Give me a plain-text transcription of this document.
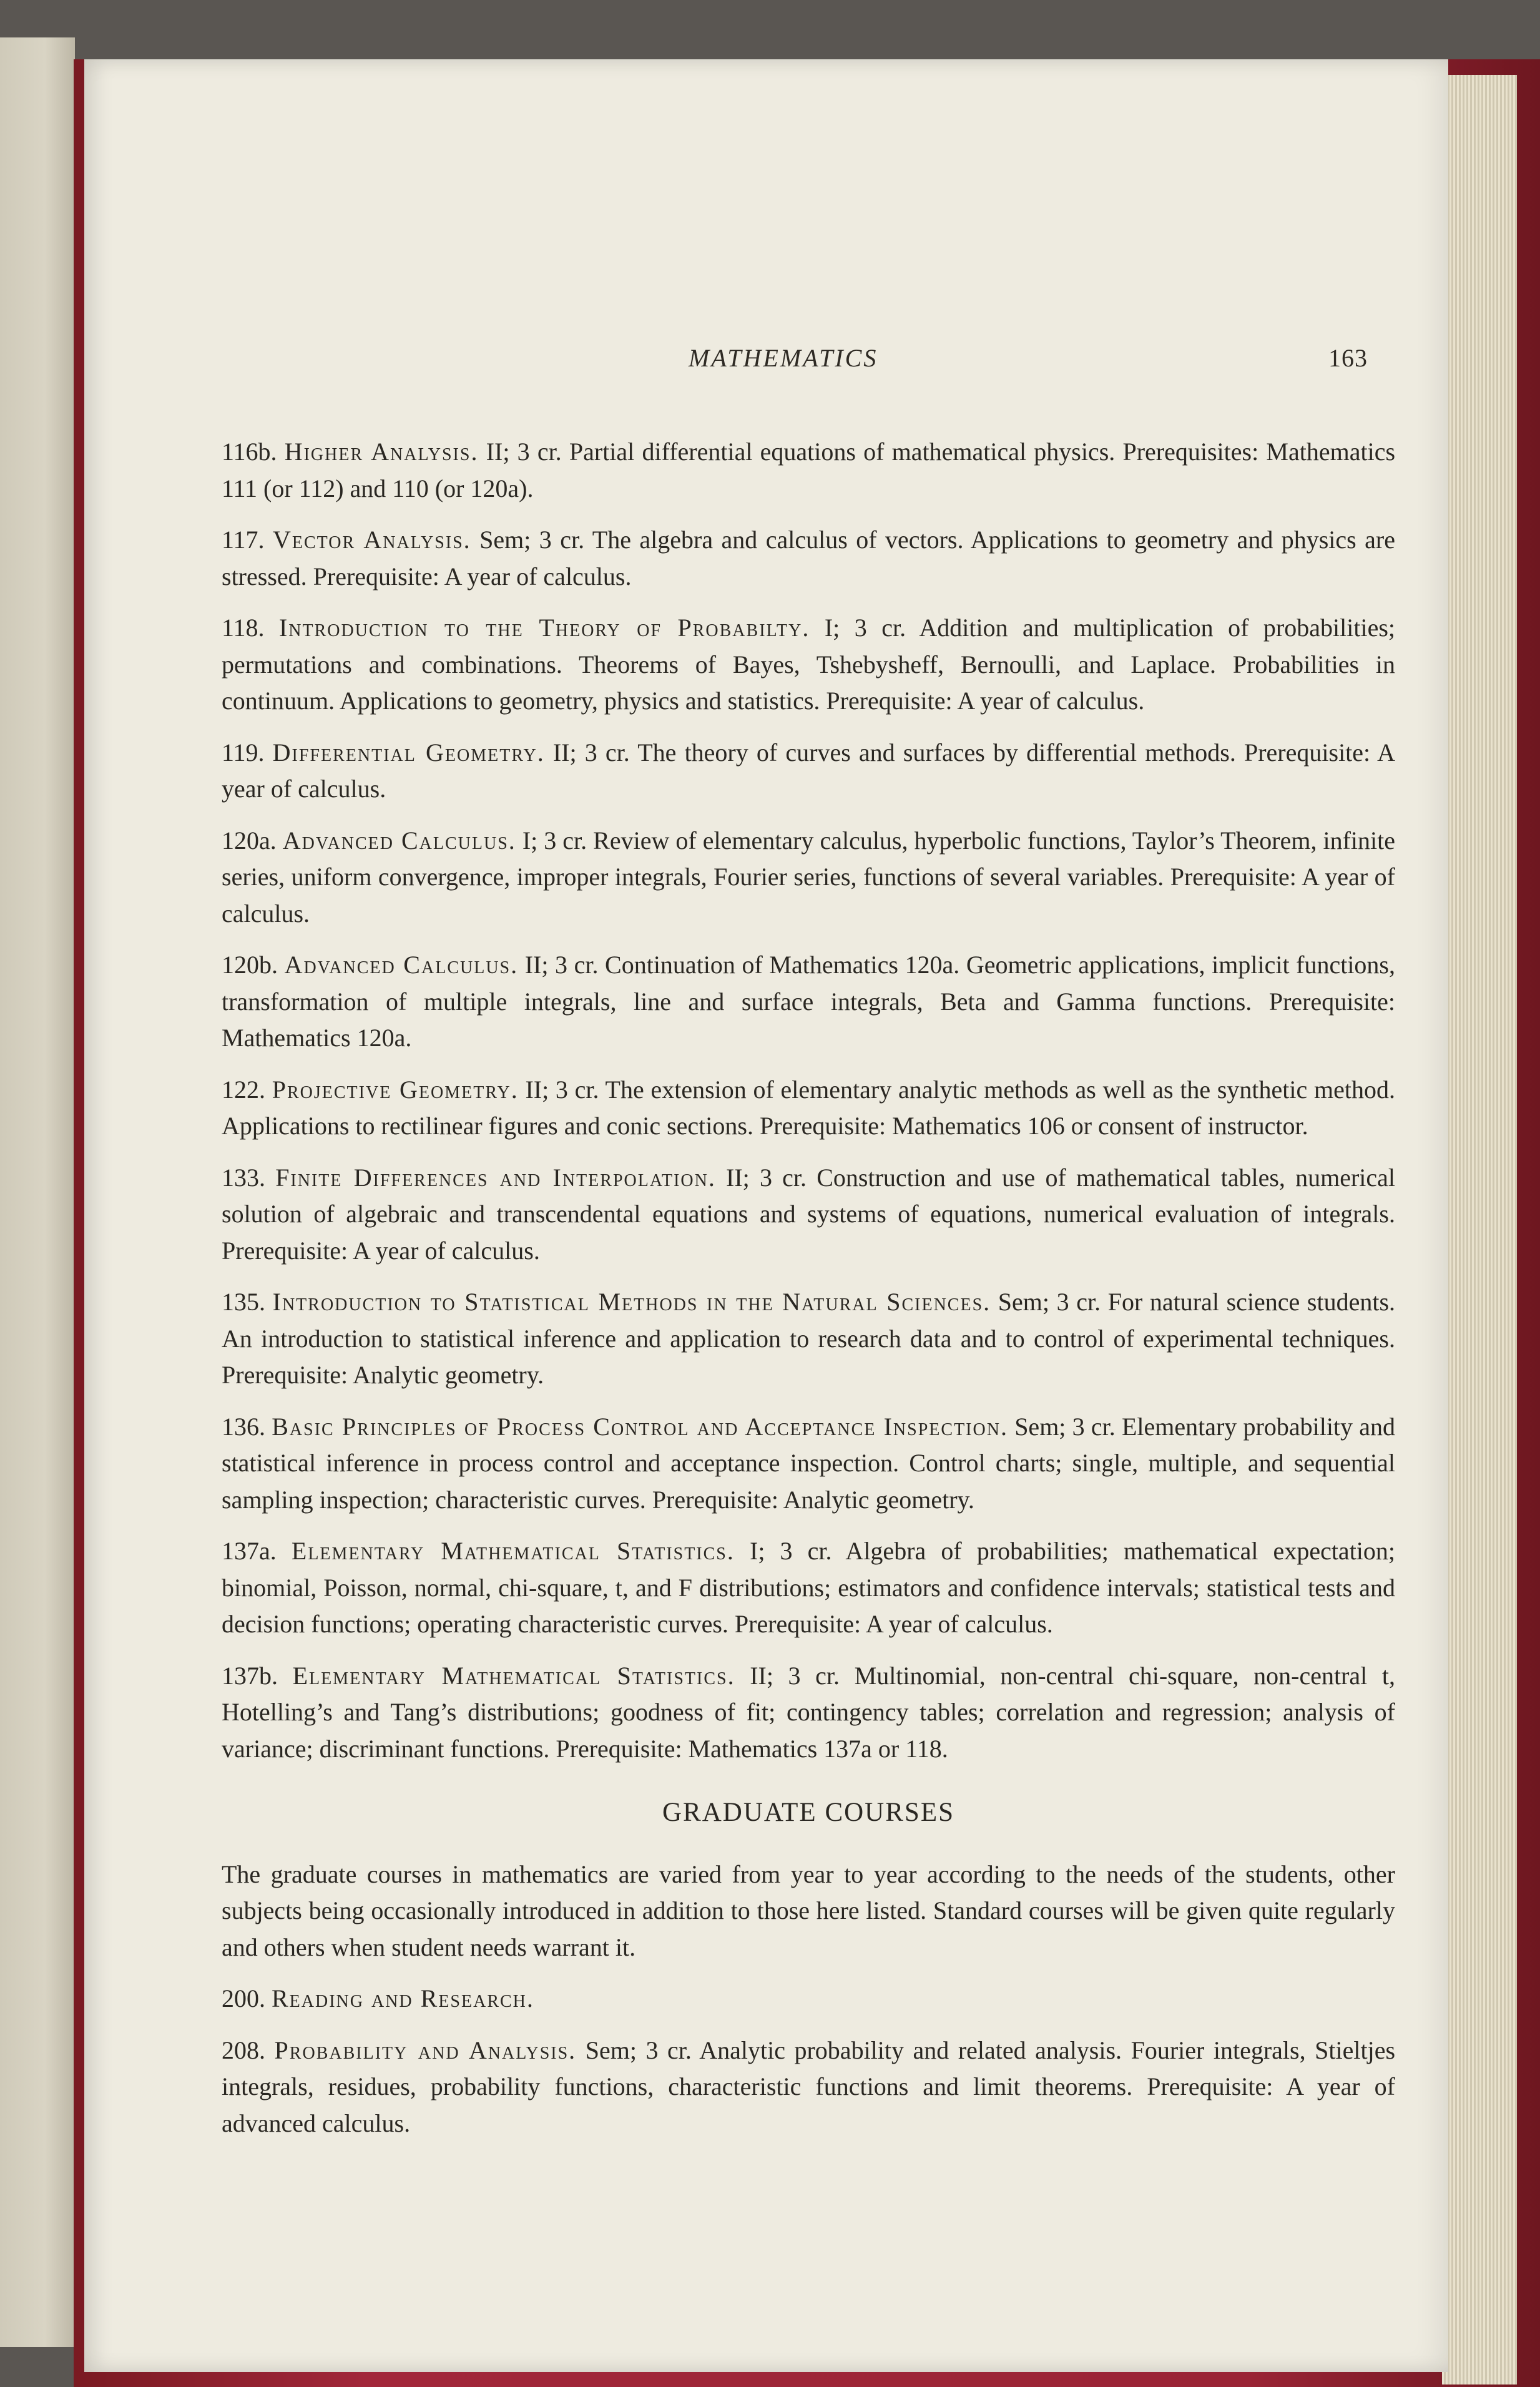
MATHEMATICS	163

116b. Higher Analysis. II; 3 cr. Partial differential equations of mathematical physics. Prerequisites: Mathematics 111 (or 112) and 110 (or 120a).

117. Vector Analysis. Sem; 3 cr. The algebra and calculus of vectors. Applications to geometry and physics are stressed. Prerequisite: A year of calculus.

118. Introduction to the Theory of Probabilty. I; 3 cr. Addition and multiplication of probabilities; permutations and combinations. Theorems of Bayes, Tshebysheff, Bernoulli, and Laplace. Probabilities in continuum. Applications to geometry, physics and statistics. Prerequisite: A year of calculus.

119. Differential Geometry. II; 3 cr. The theory of curves and surfaces by differential methods. Prerequisite: A year of calculus.

120a. Advanced Calculus. I; 3 cr. Review of elementary calculus, hyperbolic functions, Taylor’s Theorem, infinite series, uniform convergence, improper integrals, Fourier series, functions of several variables. Prerequisite: A year of calculus.

120b. Advanced Calculus. II; 3 cr. Continuation of Mathematics 120a. Geometric applications, implicit functions, transformation of multiple integrals, line and surface integrals, Beta and Gamma functions. Prerequisite: Mathematics 120a.

122. Projective Geometry. II; 3 cr. The extension of elementary analytic methods as well as the synthetic method. Applications to rectilinear figures and conic sections. Prerequisite: Mathematics 106 or consent of instructor.

133. Finite Differences and Interpolation. II; 3 cr. Construction and use of mathematical tables, numerical solution of algebraic and transcendental equations and systems of equations, numerical evaluation of integrals. Prerequisite: A year of calculus.

135. Introduction to Statistical Methods in the Natural Sciences. Sem; 3 cr. For natural science students. An introduction to statistical inference and application to research data and to control of experimental techniques. Prerequisite: Analytic geometry.

136. Basic Principles of Process Control and Acceptance Inspection. Sem; 3 cr. Elementary probability and statistical inference in process control and acceptance inspection. Control charts; single, multiple, and sequential sampling inspection; characteristic curves. Prerequisite: Analytic geometry.

137a. Elementary Mathematical Statistics. I; 3 cr. Algebra of probabilities; mathematical expectation; binomial, Poisson, normal, chi-square, t, and F distributions; estimators and confidence intervals; statistical tests and decision functions; operating characteristic curves. Prerequisite: A year of calculus.

137b. Elementary Mathematical Statistics. II; 3 cr. Multinomial, non-central chi-square, non-central t, Hotelling’s and Tang’s distributions; goodness of fit; contingency tables; correlation and regression; analysis of variance; discriminant functions. Prerequisite: Mathematics 137a or 118.

GRADUATE COURSES

The graduate courses in mathematics are varied from year to year according to the needs of the students, other subjects being occasionally introduced in addition to those here listed. Standard courses will be given quite regularly and others when student needs warrant it.

200. Reading and Research.

208. Probability and Analysis. Sem; 3 cr. Analytic probability and related analysis. Fourier integrals, Stieltjes integrals, residues, probability functions, characteristic functions and limit theorems. Prerequisite: A year of advanced calculus.
